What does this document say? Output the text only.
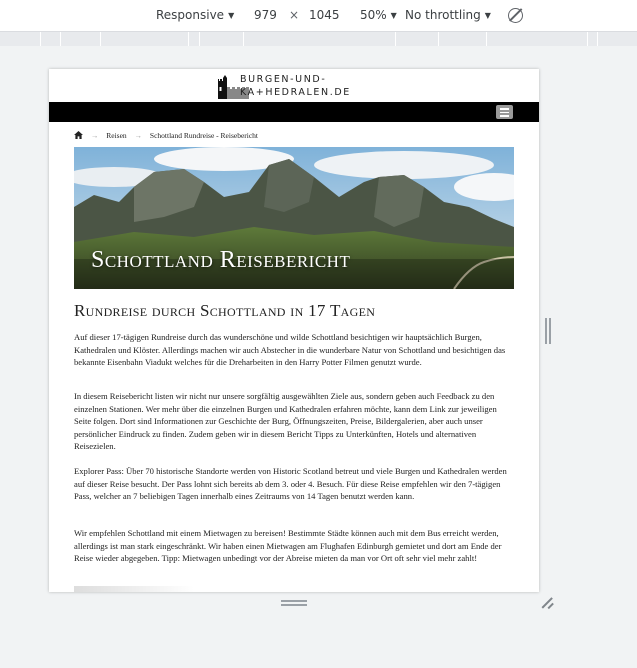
Responsive ▼ 979 × 1045 50% ▼ No throttling ▼
BURGEN-UND-
KA+HEDRALEN.DE
→ Reisen → Schottland Rundreise - Reisebericht
Schottland Reisebericht
Rundreise durch Schottland in 17 Tagen

Auf dieser 17-tägigen Rundreise durch das wunderschöne und wilde Schottland besichtigen wir hauptsächlich Burgen, Kathedralen und Klöster. Allerdings machen wir auch Abstecher in die wunderbare Natur von Schottland und besichtigen das bekannte Eisenbahn Viadukt welches für die Dreharbeiten in den Harry Potter Filmen genutzt wurde.

In diesem Reisebericht listen wir nicht nur unsere sorgfältig ausgewählten Ziele aus, sondern geben auch Feedback zu den einzelnen Stationen. Wer mehr über die einzelnen Burgen und Kathedralen erfahren möchte, kann dem Link zur jeweiligen Seite folgen. Dort sind Informationen zur Geschichte der Burg, Öffnungszeiten, Preise, Bildergalerien, aber auch unser persönlicher Eindruck zu finden. Zudem geben wir in diesem Bericht Tipps zu Unterkünften, Hotels und alternativen Reisezielen.

Explorer Pass: Über 70 historische Standorte werden von Historic Scotland betreut und viele Burgen und Kathedralen werden auf dieser Reise besucht. Der Pass lohnt sich bereits ab dem 3. oder 4. Besuch. Für diese Reise empfehlen wir den 7-tägigen Pass, welcher an 7 beliebigen Tagen innerhalb eines Zeitraums von 14 Tagen benutzt werden kann.

Wir empfehlen Schottland mit einem Mietwagen zu bereisen! Bestimmte Städte können auch mit dem Bus erreicht werden, allerdings ist man stark eingeschränkt. Wir haben einen Mietwagen am Flughafen Edinburgh gemietet und dort am Ende der Reise wieder abgegeben. Tipp: Mietwagen unbedingt vor der Abreise mieten da man vor Ort oft sehr viel mehr zahlt!
